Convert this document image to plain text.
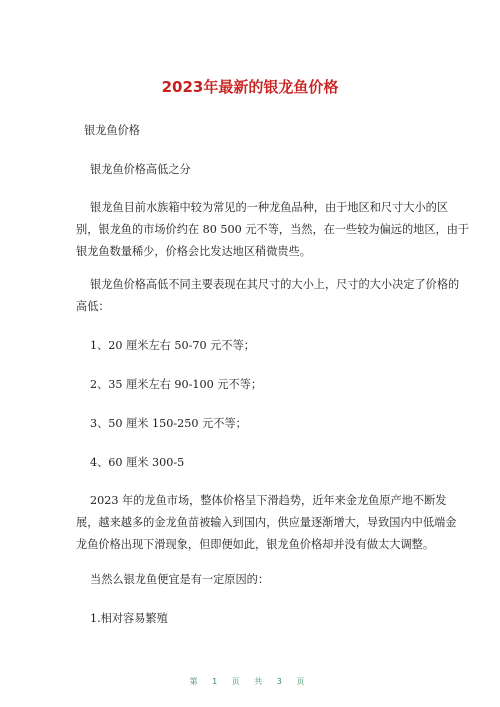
2023年最新的银龙鱼价格
银龙鱼价格
银龙鱼价格高低之分
银龙鱼目前水族箱中较为常见的一种龙鱼品种，由于地区和尺寸大小的区
别，银龙鱼的市场价约在 80 500 元不等，当然，在一些较为偏远的地区，由于
银龙鱼数量稀少，价格会比发达地区稍微贵些。
银龙鱼价格高低不同主要表现在其尺寸的大小上，尺寸的大小决定了价格的
高低：
1、20 厘米左右 50-70 元不等；
2、35 厘米左右 90-100 元不等；
3、50 厘米 150-250 元不等；
4、60 厘米 300-5
2023 年的龙鱼市场，整体价格呈下滑趋势，近年来金龙鱼原产地不断发
展，越来越多的金龙鱼苗被输入到国内，供应量逐渐增大，导致国内中低端金
龙鱼价格出现下滑现象，但即便如此，银龙鱼价格却并没有做太大调整。
当然么银龙鱼便宜是有一定原因的：
1.相对容易繁殖
第 1 页 共 3 页
